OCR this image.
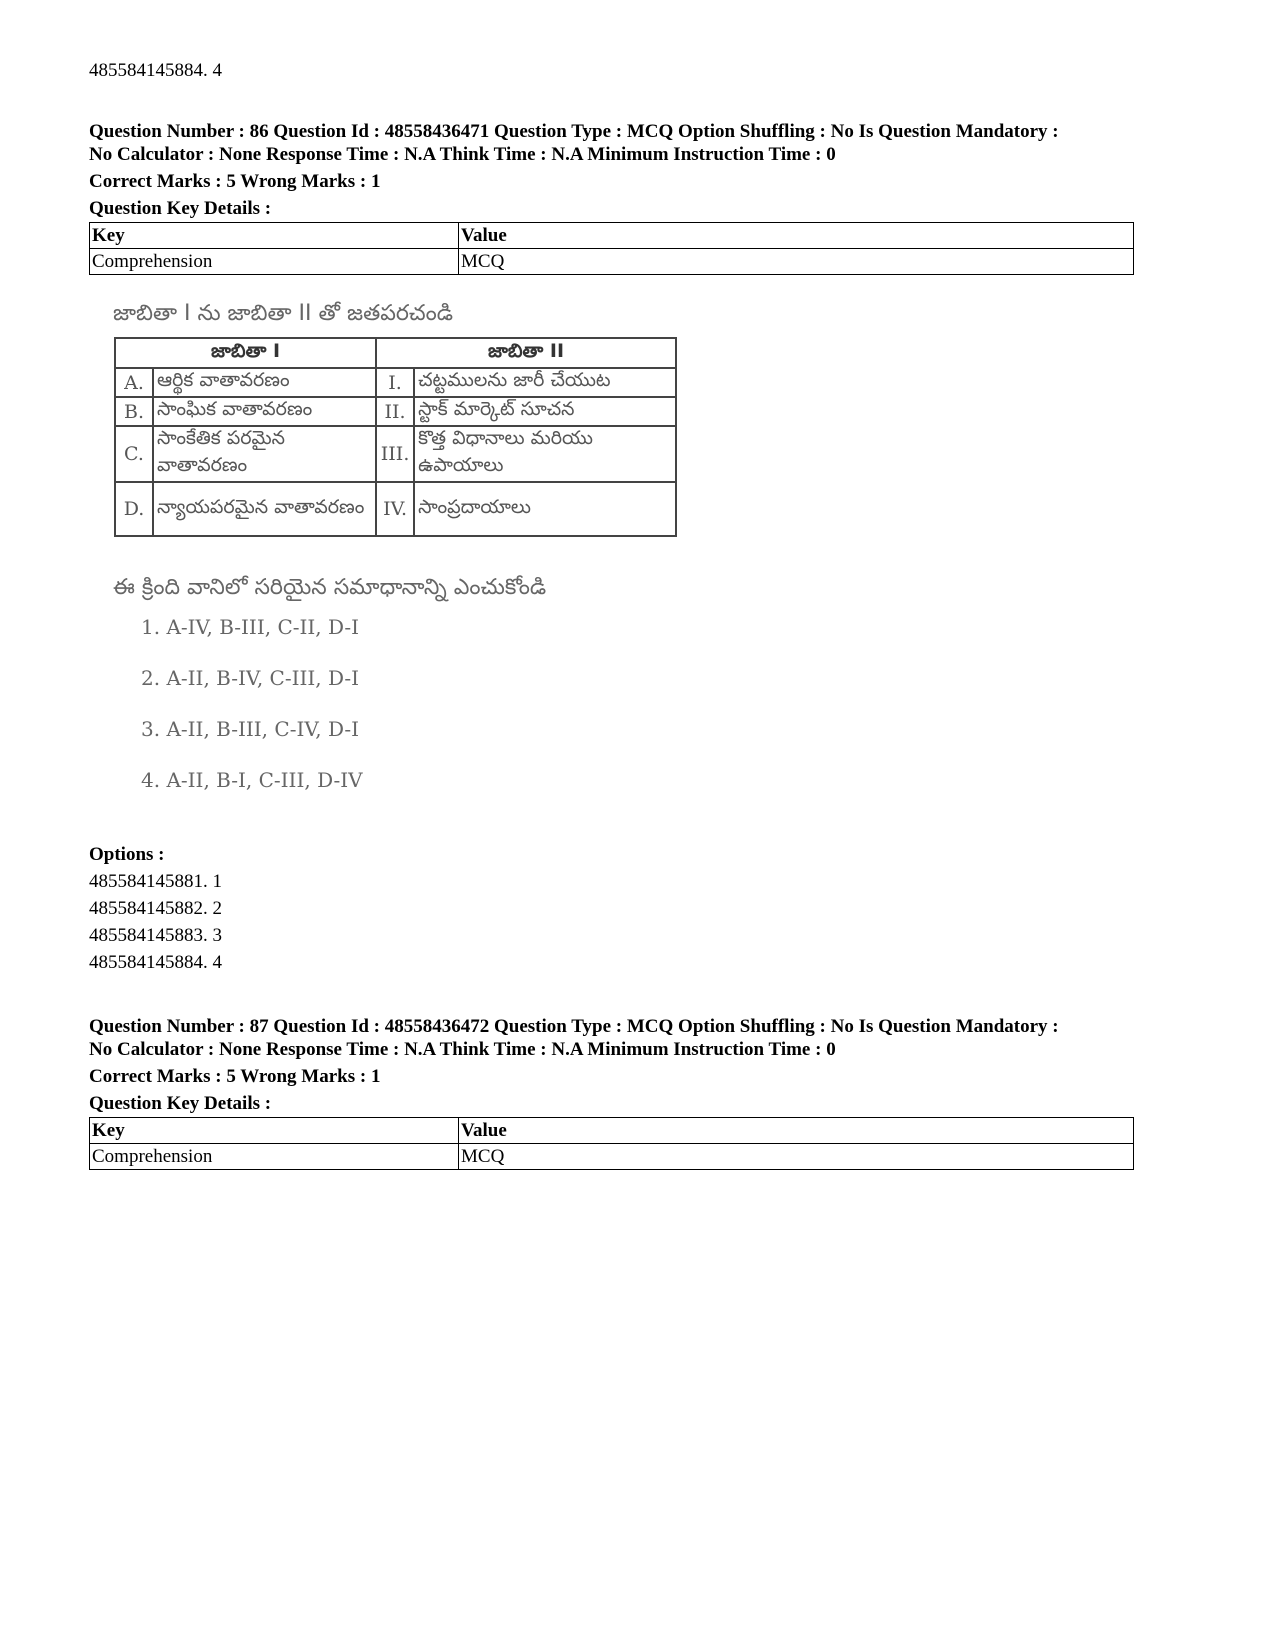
485584145884. 4
Question Number : 86 Question Id : 48558436471 Question Type : MCQ Option Shuffling : No Is Question Mandatory :
No Calculator : None Response Time : N.A Think Time : N.A Minimum Instruction Time : 0
Correct Marks : 5 Wrong Marks : 1
Question Key Details :
Key	Value
Comprehension	MCQ
జాబితా I ను జాబితా II తో జతపరచండి
జాబితా I		జాబితా II	
A.	ఆర్థిక వాతావరణం	I.	చట్టములను జారీ చేయుట
B.	సాంఘిక వాతావరణం	II.	స్టాక్ మార్కెట్ సూచన
C.	సాంకేతిక పరమైన వాతావరణం	III.	కొత్త విధానాలు మరియు ఉపాయాలు
D.	న్యాయపరమైన వాతావరణం	IV.	సాంప్రదాయాలు
ఈ క్రింది వానిలో సరియైన సమాధానాన్ని ఎంచుకోండి
1. A-IV, B-III, C-II, D-I
2. A-II, B-IV, C-III, D-I
3. A-II, B-III, C-IV, D-I
4. A-II, B-I, C-III, D-IV
Options :
485584145881. 1
485584145882. 2
485584145883. 3
485584145884. 4
Question Number : 87 Question Id : 48558436472 Question Type : MCQ Option Shuffling : No Is Question Mandatory :
No Calculator : None Response Time : N.A Think Time : N.A Minimum Instruction Time : 0
Correct Marks : 5 Wrong Marks : 1
Question Key Details :
Key	Value
Comprehension	MCQ
